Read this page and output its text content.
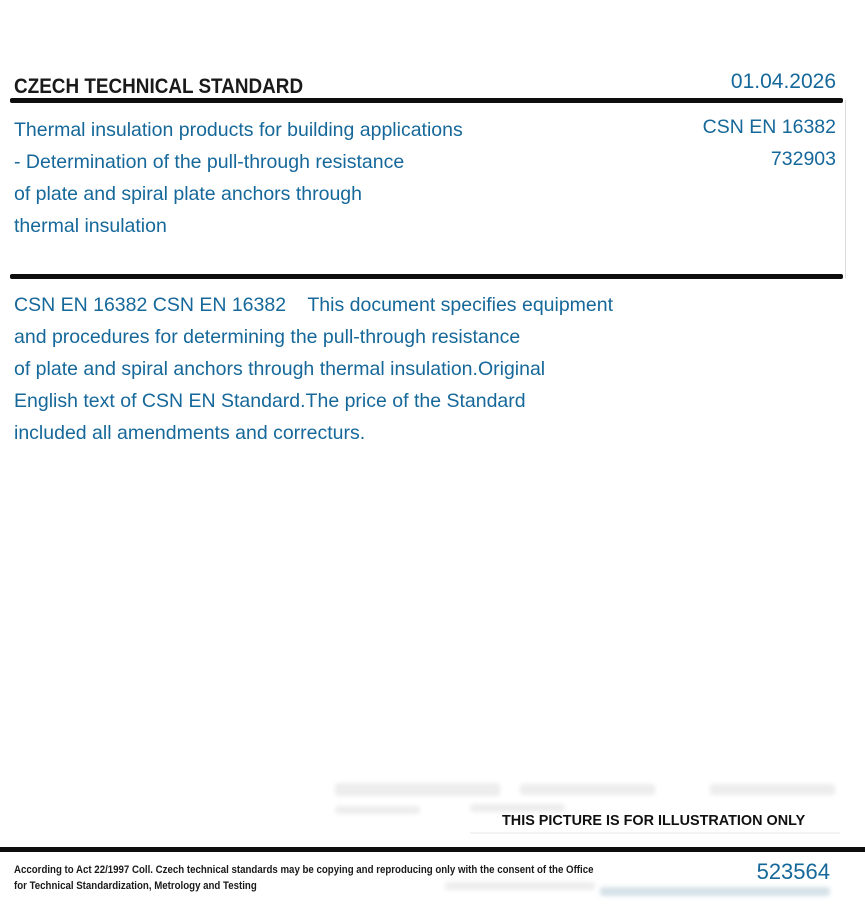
CZECH TECHNICAL STANDARD	01.04.2026
Thermal insulation products for building applications
- Determination of the pull-through resistance
of plate and spiral plate anchors through
thermal insulation
CSN EN 16382
732903
CSN EN 16382 CSN EN 16382    This document specifies equipment
and procedures for determining the pull-through resistance
of plate and spiral anchors through thermal insulation.Original
English text of CSN EN Standard.The price of the Standard
included all amendments and correcturs.
THIS PICTURE IS FOR ILLUSTRATION ONLY
According to Act 22/1997 Coll. Czech technical standards may be copying and reproducing only with the consent of the Office
for Technical Standardization, Metrology and Testing
523564
